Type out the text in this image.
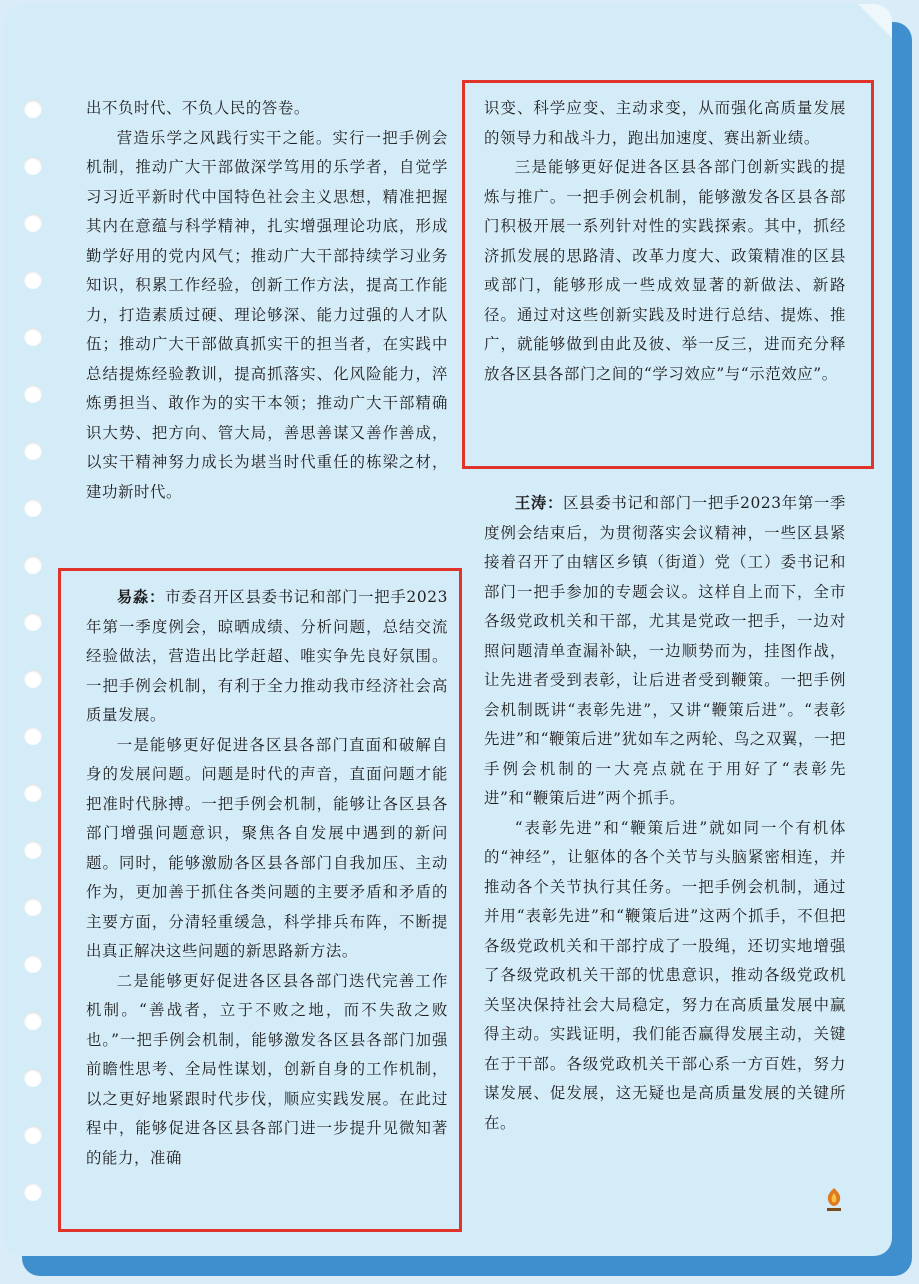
出不负时代、不负人民的答卷。

营造乐学之风践行实干之能。实行一把手例会机制，推动广大干部做深学笃用的乐学者，自觉学习习近平新时代中国特色社会主义思想，精准把握其内在意蕴与科学精神，扎实增强理论功底，形成勤学好用的党内风气；推动广大干部持续学习业务知识，积累工作经验，创新工作方法，提高工作能力，打造素质过硬、理论够深、能力过强的人才队伍；推动广大干部做真抓实干的担当者，在实践中总结提炼经验教训，提高抓落实、化风险能力，淬炼勇担当、敢作为的实干本领；推动广大干部精确识大势、把方向、管大局，善思善谋又善作善成，以实干精神努力成长为堪当时代重任的栋梁之材，建功新时代。

易淼：市委召开区县委书记和部门一把手2023年第一季度例会，晾晒成绩、分析问题，总结交流经验做法，营造出比学赶超、唯实争先良好氛围。一把手例会机制，有利于全力推动我市经济社会高质量发展。

一是能够更好促进各区县各部门直面和破解自身的发展问题。问题是时代的声音，直面问题才能把准时代脉搏。一把手例会机制，能够让各区县各部门增强问题意识，聚焦各自发展中遇到的新问题。同时，能够激励各区县各部门自我加压、主动作为，更加善于抓住各类问题的主要矛盾和矛盾的主要方面，分清轻重缓急，科学排兵布阵，不断提出真正解决这些问题的新思路新方法。

二是能够更好促进各区县各部门迭代完善工作机制。“善战者，立于不败之地，而不失敌之败也。”一把手例会机制，能够激发各区县各部门加强前瞻性思考、全局性谋划，创新自身的工作机制，以之更好地紧跟时代步伐，顺应实践发展。在此过程中，能够促进各区县各部门进一步提升见微知著的能力，准确

识变、科学应变、主动求变，从而强化高质量发展的领导力和战斗力，跑出加速度、赛出新业绩。

三是能够更好促进各区县各部门创新实践的提炼与推广。一把手例会机制，能够激发各区县各部门积极开展一系列针对性的实践探索。其中，抓经济抓发展的思路清、改革力度大、政策精准的区县或部门，能够形成一些成效显著的新做法、新路径。通过对这些创新实践及时进行总结、提炼、推广，就能够做到由此及彼、举一反三，进而充分释放各区县各部门之间的“学习效应”与“示范效应”。

王涛：区县委书记和部门一把手2023年第一季度例会结束后，为贯彻落实会议精神，一些区县紧接着召开了由辖区乡镇（街道）党（工）委书记和部门一把手参加的专题会议。这样自上而下，全市各级党政机关和干部，尤其是党政一把手，一边对照问题清单查漏补缺，一边顺势而为，挂图作战，让先进者受到表彰，让后进者受到鞭策。一把手例会机制既讲“表彰先进”，又讲“鞭策后进”。“表彰先进”和“鞭策后进”犹如车之两轮、鸟之双翼，一把手例会机制的一大亮点就在于用好了“表彰先进”和“鞭策后进”两个抓手。

“表彰先进”和“鞭策后进”就如同一个有机体的“神经”，让躯体的各个关节与头脑紧密相连，并推动各个关节执行其任务。一把手例会机制，通过并用“表彰先进”和“鞭策后进”这两个抓手，不但把各级党政机关和干部拧成了一股绳，还切实地增强了各级党政机关干部的忧患意识，推动各级党政机关坚决保持社会大局稳定，努力在高质量发展中赢得主动。实践证明，我们能否赢得发展主动，关键在于干部。各级党政机关干部心系一方百姓，努力谋发展、促发展，这无疑也是高质量发展的关键所在。
